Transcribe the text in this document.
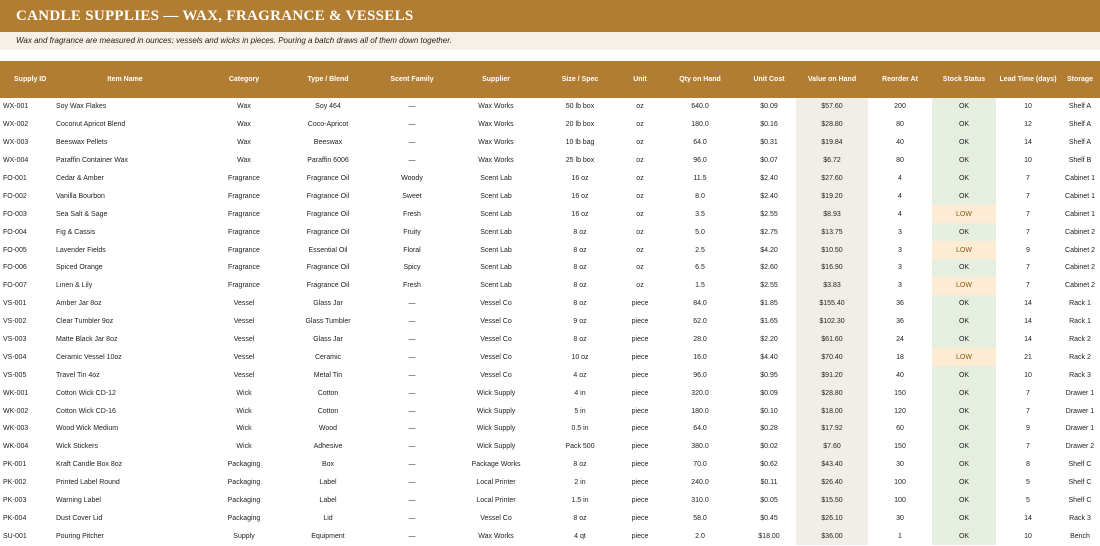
CANDLE SUPPLIES — WAX, FRAGRANCE & VESSELS
Wax and fragrance are measured in ounces; vessels and wicks in pieces. Pouring a batch draws all of them down together.
Supply ID	Item Name	Category	Type / Blend	Scent Family	Supplier	Size / Spec	Unit	Qty on Hand	Unit Cost	Value on Hand	Reorder At	Stock Status	Lead Time (days)	Storage
WX-001	Soy Wax Flakes	Wax	Soy 464	—	Wax Works	50 lb box	oz	640.0	$0.09	$57.60	200	OK	10	Shelf A
WX-002	Coconut Apricot Blend	Wax	Coco-Apricot	—	Wax Works	20 lb box	oz	180.0	$0.16	$28.80	80	OK	12	Shelf A
WX-003	Beeswax Pellets	Wax	Beeswax	—	Wax Works	10 lb bag	oz	64.0	$0.31	$19.84	40	OK	14	Shelf A
WX-004	Paraffin Container Wax	Wax	Paraffin 6006	—	Wax Works	25 lb box	oz	96.0	$0.07	$6.72	80	OK	10	Shelf B
FO-001	Cedar & Amber	Fragrance	Fragrance Oil	Woody	Scent Lab	16 oz	oz	11.5	$2.40	$27.60	4	OK	7	Cabinet 1
FO-002	Vanilla Bourbon	Fragrance	Fragrance Oil	Sweet	Scent Lab	16 oz	oz	8.0	$2.40	$19.20	4	OK	7	Cabinet 1
FO-003	Sea Salt & Sage	Fragrance	Fragrance Oil	Fresh	Scent Lab	16 oz	oz	3.5	$2.55	$8.93	4	LOW	7	Cabinet 1
FO-004	Fig & Cassis	Fragrance	Fragrance Oil	Fruity	Scent Lab	8 oz	oz	5.0	$2.75	$13.75	3	OK	7	Cabinet 2
FO-005	Lavender Fields	Fragrance	Essential Oil	Floral	Scent Lab	8 oz	oz	2.5	$4.20	$10.50	3	LOW	9	Cabinet 2
FO-006	Spiced Orange	Fragrance	Fragrance Oil	Spicy	Scent Lab	8 oz	oz	6.5	$2.60	$16.90	3	OK	7	Cabinet 2
FO-007	Linen & Lily	Fragrance	Fragrance Oil	Fresh	Scent Lab	8 oz	oz	1.5	$2.55	$3.83	3	LOW	7	Cabinet 2
VS-001	Amber Jar 8oz	Vessel	Glass Jar	—	Vessel Co	8 oz	piece	84.0	$1.85	$155.40	36	OK	14	Rack 1
VS-002	Clear Tumbler 9oz	Vessel	Glass Tumbler	—	Vessel Co	9 oz	piece	62.0	$1.65	$102.30	36	OK	14	Rack 1
VS-003	Matte Black Jar 8oz	Vessel	Glass Jar	—	Vessel Co	8 oz	piece	28.0	$2.20	$61.60	24	OK	14	Rack 2
VS-004	Ceramic Vessel 10oz	Vessel	Ceramic	—	Vessel Co	10 oz	piece	16.0	$4.40	$70.40	18	LOW	21	Rack 2
VS-005	Travel Tin 4oz	Vessel	Metal Tin	—	Vessel Co	4 oz	piece	96.0	$0.95	$91.20	40	OK	10	Rack 3
WK-001	Cotton Wick CD-12	Wick	Cotton	—	Wick Supply	4 in	piece	320.0	$0.09	$28.80	150	OK	7	Drawer 1
WK-002	Cotton Wick CD-16	Wick	Cotton	—	Wick Supply	5 in	piece	180.0	$0.10	$18.00	120	OK	7	Drawer 1
WK-003	Wood Wick Medium	Wick	Wood	—	Wick Supply	0.5 in	piece	64.0	$0.28	$17.92	60	OK	9	Drawer 1
WK-004	Wick Stickers	Wick	Adhesive	—	Wick Supply	Pack 500	piece	380.0	$0.02	$7.60	150	OK	7	Drawer 2
PK-001	Kraft Candle Box 8oz	Packaging	Box	—	Package Works	8 oz	piece	70.0	$0.62	$43.40	30	OK	8	Shelf C
PK-002	Printed Label Round	Packaging	Label	—	Local Printer	2 in	piece	240.0	$0.11	$26.40	100	OK	5	Shelf C
PK-003	Warning Label	Packaging	Label	—	Local Printer	1.5 in	piece	310.0	$0.05	$15.50	100	OK	5	Shelf C
PK-004	Dust Cover Lid	Packaging	Lid	—	Vessel Co	8 oz	piece	58.0	$0.45	$26.10	30	OK	14	Rack 3
SU-001	Pouring Pitcher	Supply	Equipment	—	Wax Works	4 qt	piece	2.0	$18.00	$36.00	1	OK	10	Bench
